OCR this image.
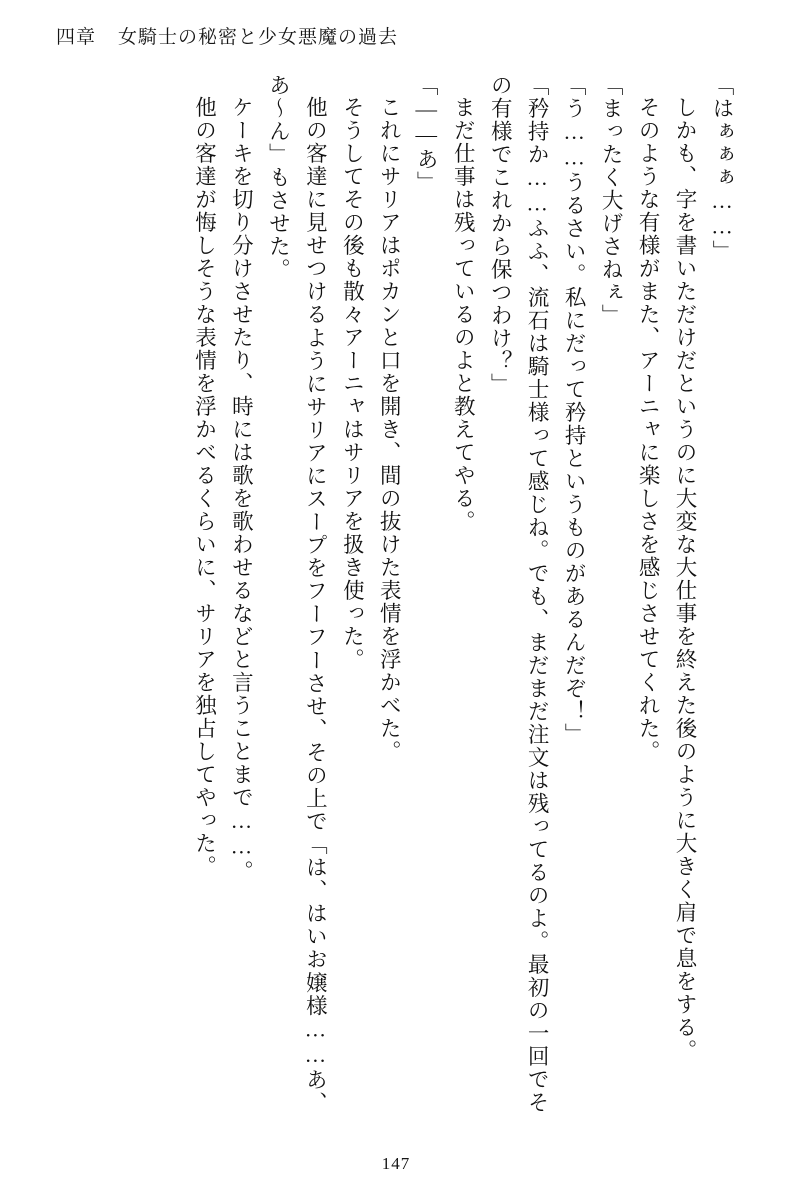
四章 女騎士の秘密と少女悪魔の過去

「はぁぁぁ……」

しかも、字を書いただけだというのに大変な大仕事を終えた後のように大きく肩で息をする。

そのような有様がまた、アーニャに楽しさを感じさせてくれた。

「まったく大げさねぇ」

「う……うるさい。私にだって矜持というものがあるんだぞ！」

「矜持か……ふふ、流石は騎士様って感じね。でも、まだまだ注文は残ってるのよ。最初の一回でその有様でこれから保つわけ？」

まだ仕事は残っているのよと教えてやる。

「――あ」

これにサリアはポカンと口を開き、間の抜けた表情を浮かべた。

そうしてその後も散々アーニャはサリアを扱き使った。

他の客達に見せつけるようにサリアにスープをフーフーさせ、その上で「は、はいお嬢様……あ、あ～ん」もさせた。

ケーキを切り分けさせたり、時には歌を歌わせるなどと言うことまで……。

他の客達が悔しそうな表情を浮かべるくらいに、サリアを独占してやった。

147
